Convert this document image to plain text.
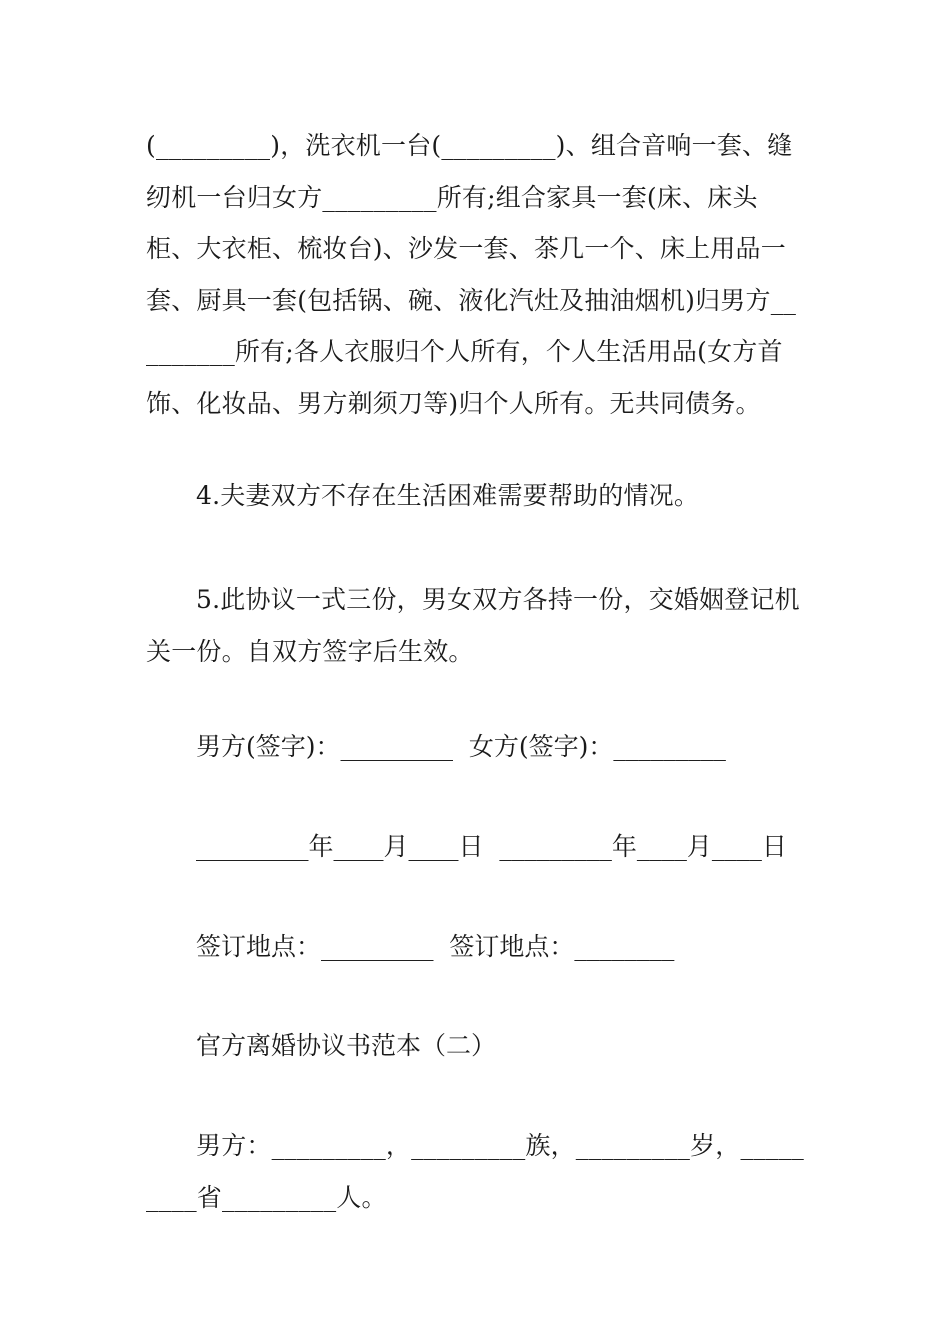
(_________)，洗衣机一台(_________)、组合音响一套、缝纫机一台归女方_________所有;组合家具一套(床、床头柜、大衣柜、梳妆台)、沙发一套、茶几一个、床上用品一套、厨具一套(包括锅、碗、液化汽灶及抽油烟机)归男方_________所有;各人衣服归个人所有，个人生活用品(女方首饰、化妆品、男方剃须刀等)归个人所有。无共同债务。

4.夫妻双方不存在生活困难需要帮助的情况。

5.此协议一式三份，男女双方各持一份，交婚姻登记机关一份。自双方签字后生效。

男方(签字)：_________  女方(签字)：_________

_________年____月____日  _________年____月____日

签订地点：_________  签订地点：________

官方离婚协议书范本（二）

男方：_________，_________族，_________岁，_________省_________人。
